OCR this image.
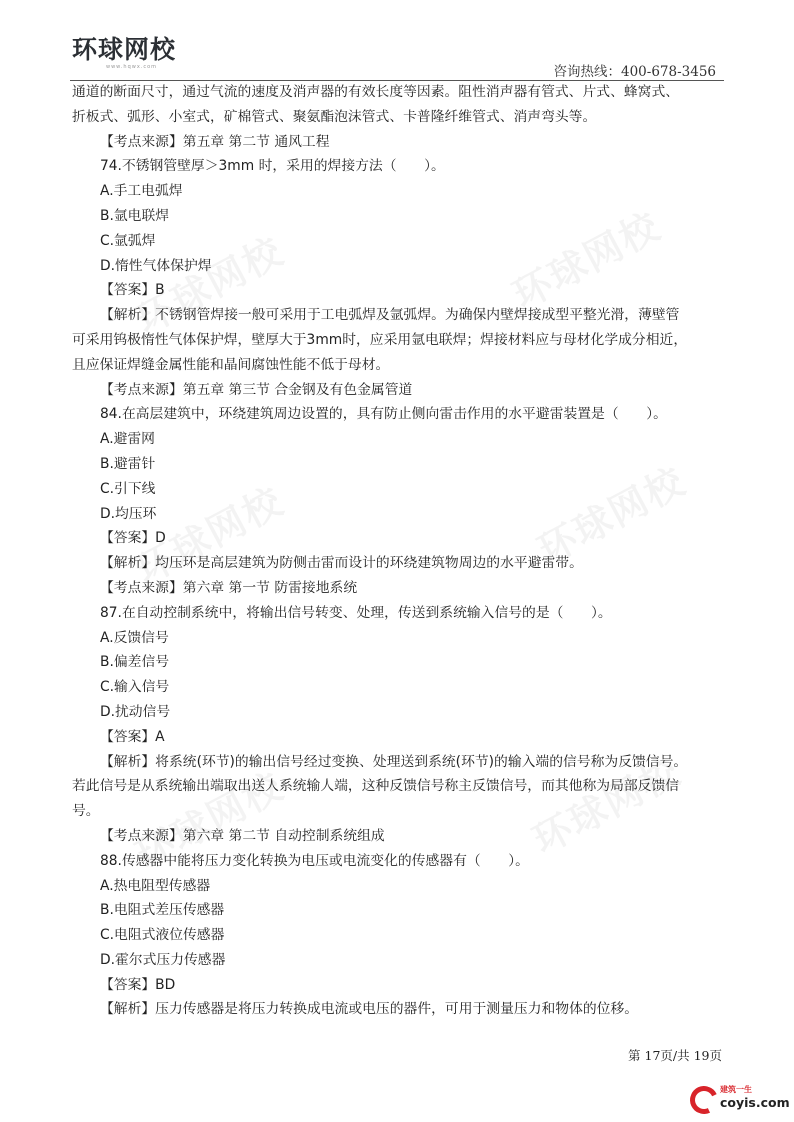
环球网校
www.hqwx.com	咨询热线：400-678-3456

通道的断面尺寸，通过气流的速度及消声器的有效长度等因素。阻性消声器有管式、片式、蜂窝式、

折板式、弧形、小室式，矿棉管式、聚氨酯泡沫管式、卡普隆纤维管式、消声弯头等。

【考点来源】第五章 第二节 通风工程

74.不锈钢管壁厚＞3mm 时，采用的焊接方法（　　）。

A.手工电弧焊

B.氩电联焊

C.氩弧焊

D.惰性气体保护焊

【答案】B

【解析】不锈钢管焊接一般可采用于工电弧焊及氩弧焊。为确保内壁焊接成型平整光滑，薄壁管

可采用钨极惰性气体保护焊，壁厚大于3mm时，应采用氩电联焊；焊接材料应与母材化学成分相近，

且应保证焊缝金属性能和晶间腐蚀性能不低于母材。

【考点来源】第五章 第三节 合金钢及有色金属管道

84.在高层建筑中，环绕建筑周边设置的，具有防止侧向雷击作用的水平避雷装置是（　　）。

A.避雷网

B.避雷针

C.引下线

D.均压环

【答案】D

【解析】均压环是高层建筑为防侧击雷而设计的环绕建筑物周边的水平避雷带。

【考点来源】第六章 第一节 防雷接地系统

87.在自动控制系统中，将输出信号转变、处理，传送到系统输入信号的是（　　）。

A.反馈信号

B.偏差信号

C.输入信号

D.扰动信号

【答案】A

【解析】将系统(环节)的输出信号经过变换、处理送到系统(环节)的输入端的信号称为反馈信号。

若此信号是从系统输出端取出送人系统输人端，这种反馈信号称主反馈信号，而其他称为局部反馈信

号。

【考点来源】第六章 第二节 自动控制系统组成

88.传感器中能将压力变化转换为电压或电流变化的传感器有（　　）。

A.热电阻型传感器

B.电阻式差压传感器

C.电阻式液位传感器

D.霍尔式压力传感器

【答案】BD

【解析】压力传感器是将压力转换成电流或电压的器件，可用于测量压力和物体的位移。

第 17页/共 19页
建筑一生
coyis.com
